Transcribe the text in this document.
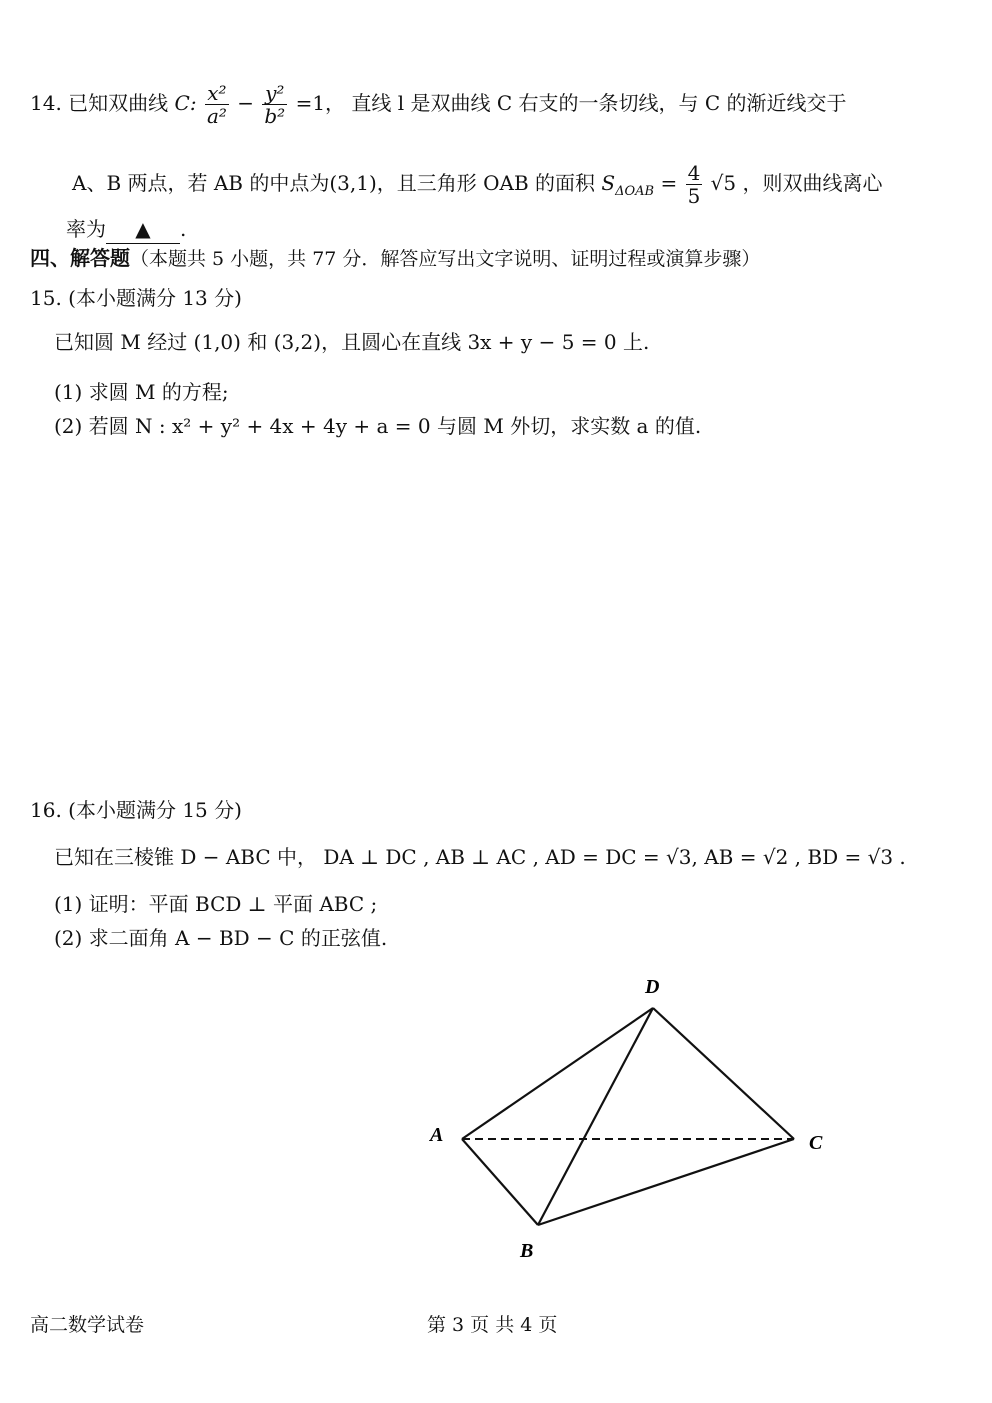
14. 已知双曲线 C: $\frac{\text{x²}}{\text{a²}} - \frac{\text{y²}}{\text{b²}} =1$， 直线 l 是双曲线 C 右支的一条切线，与 C 的渐近线交于
A、B 两点，若 AB 的中点为(3,1)，且三角形 OAB 的面积 $S_{\Delta OAB} = \frac{4}{5} √5$ ，则双曲线离心
率为 ▲ .
四、解答题（本题共 5 小题，共 77 分．解答应写出文字说明、证明过程或演算步骤）
15. (本小题满分 13 分)
已知圆 M 经过 (1,0) 和 (3,2)，且圆心在直线 3x + y − 5 = 0 上.
(1) 求圆 M 的方程;
(2) 若圆 N : x² + y² + 4x + 4y + a = 0 与圆 M 外切，求实数 a 的值.
16. (本小题满分 15 分)
已知在三棱锥 D − ABC 中， DA ⊥ DC , AB ⊥ AC , AD = DC = √3, AB = √2 , BD = √3 .
(1) 证明：平面 BCD ⊥ 平面 ABC ;
(2) 求二面角 A − BD − C 的正弦值.
D
A	C
B
高二数学试卷	第 3 页 共 4 页
